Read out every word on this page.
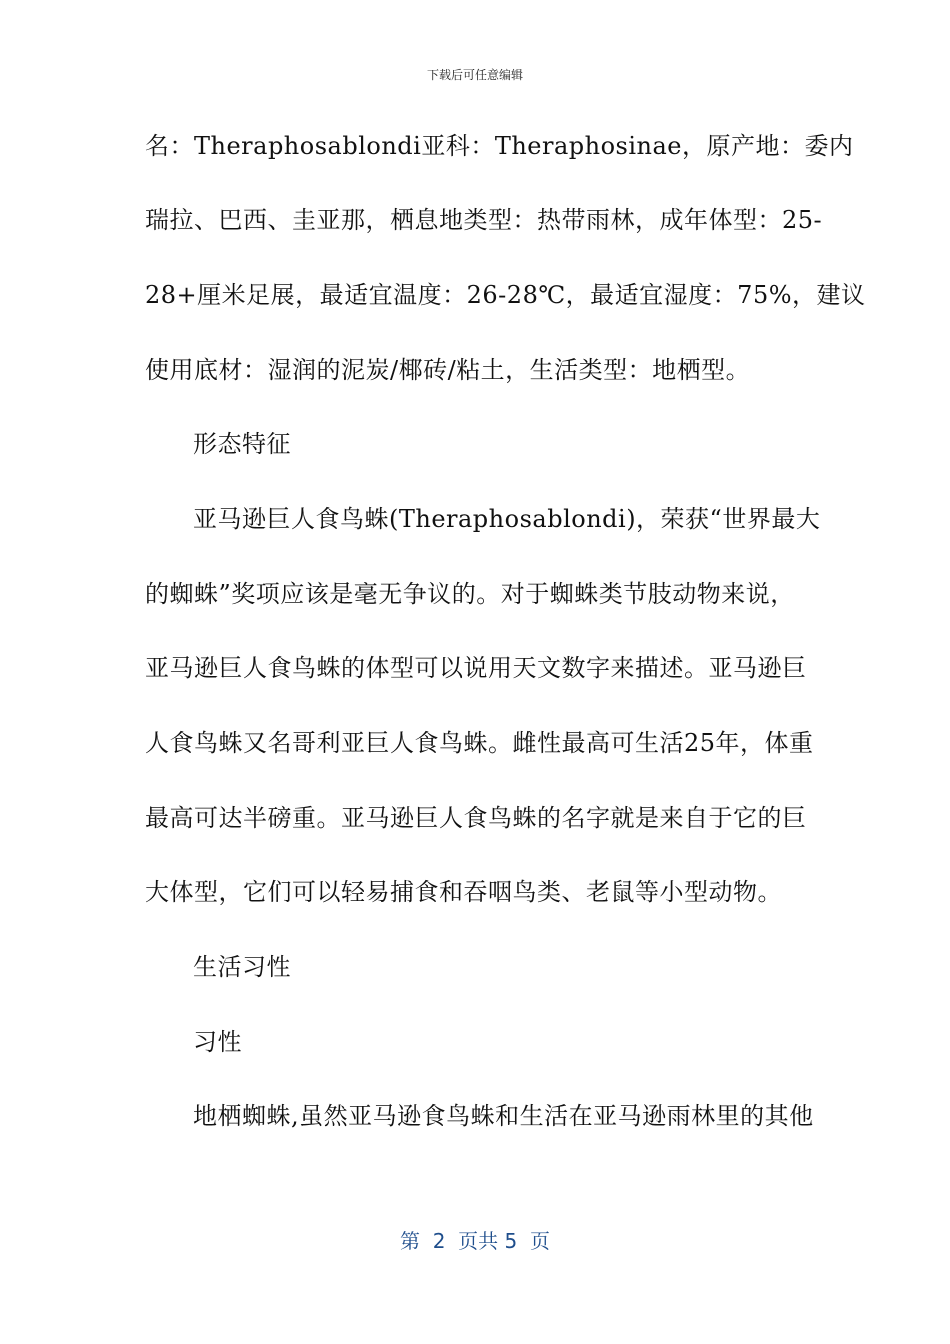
下载后可任意编辑
名：Theraphosablondi亚科：Theraphosinae，原产地：委内
瑞拉、巴西、圭亚那，栖息地类型：热带雨林，成年体型：25-
28+厘米足展，最适宜温度：26-28℃，最适宜湿度：75%，建议
使用底材：湿润的泥炭/椰砖/粘土，生活类型：地栖型。
形态特征
亚马逊巨人食鸟蛛(Theraphosablondi)，荣获“世界最大
的蜘蛛”奖项应该是毫无争议的。对于蜘蛛类节肢动物来说，
亚马逊巨人食鸟蛛的体型可以说用天文数字来描述。亚马逊巨
人食鸟蛛又名哥利亚巨人食鸟蛛。雌性最高可生活25年，体重
最高可达半磅重。亚马逊巨人食鸟蛛的名字就是来自于它的巨
大体型，它们可以轻易捕食和吞咽鸟类、老鼠等小型动物。
生活习性
习性
地栖蜘蛛,虽然亚马逊食鸟蛛和生活在亚马逊雨林里的其他
第  2  页共 5  页
